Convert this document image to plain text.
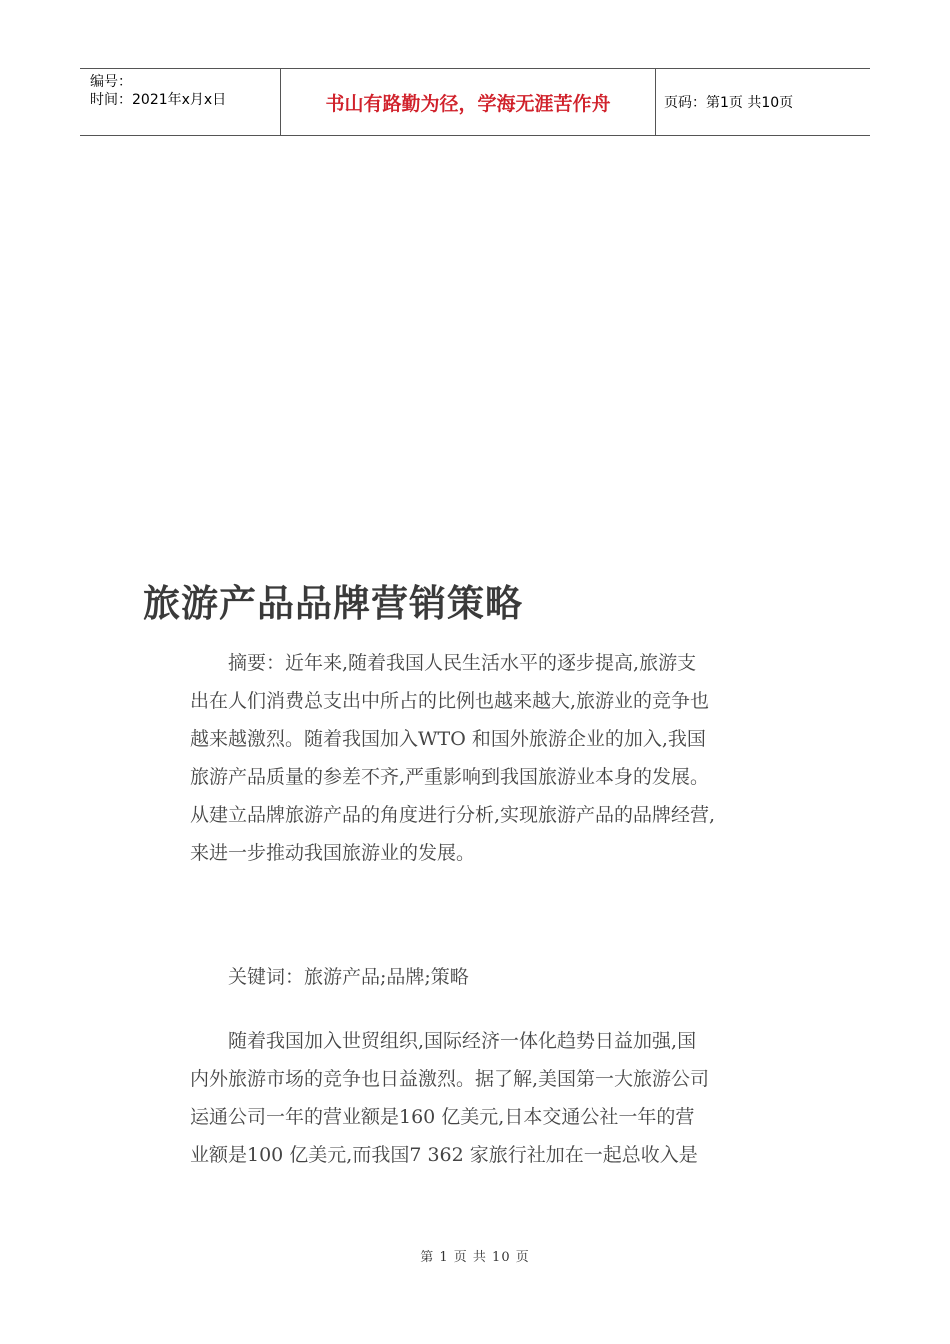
编号：
时间：2021年x月x日	书山有路勤为径，学海无涯苦作舟	页码：第1页 共10页
旅游产品品牌营销策略
摘要：近年来,随着我国人民生活水平的逐步提高,旅游支
出在人们消费总支出中所占的比例也越来越大,旅游业的竞争也
越来越激烈。随着我国加入WTO 和国外旅游企业的加入,我国
旅游产品质量的参差不齐,严重影响到我国旅游业本身的发展。
从建立品牌旅游产品的角度进行分析,实现旅游产品的品牌经营,
来进一步推动我国旅游业的发展。
关键词：旅游产品;品牌;策略
随着我国加入世贸组织,国际经济一体化趋势日益加强,国
内外旅游市场的竞争也日益激烈。据了解,美国第一大旅游公司
运通公司一年的营业额是160 亿美元,日本交通公社一年的营
业额是100 亿美元,而我国7 362 家旅行社加在一起总收入是
第 1 页 共 10 页
